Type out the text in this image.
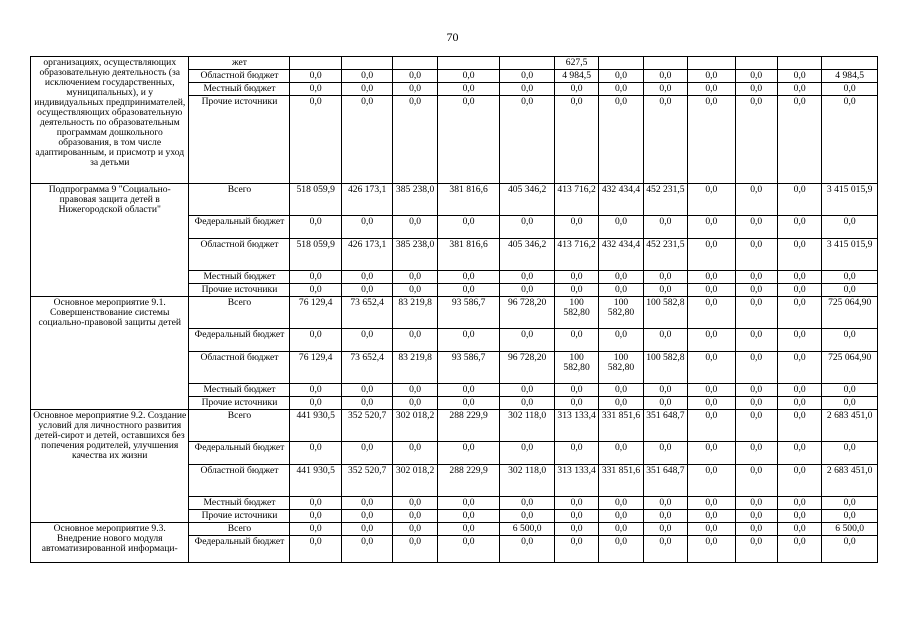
70
организациях, осуществляющих образовательную деятельность (за исключением государственных, муниципальных), и у индивидуальных предпринимателей, осуществляющих образовательную деятельность по образовательным программам дошкольного образования, в том числе адаптированным, и присмотр и уход за детьми	жет						627,5						
	Областной бюджет	0,0	0,0	0,0	0,0	0,0	4 984,5	0,0	0,0	0,0	0,0	0,0	4 984,5
	Местный бюджет	0,0	0,0	0,0	0,0	0,0	0,0	0,0	0,0	0,0	0,0	0,0	0,0
	Прочие источники	0,0	0,0	0,0	0,0	0,0	0,0	0,0	0,0	0,0	0,0	0,0	0,0
Подпрограмма 9 "Социально-правовая защита детей в Нижегородской области"	Всего	518 059,9	426 173,1	385 238,0	381 816,6	405 346,2	413 716,2	432 434,4	452 231,5	0,0	0,0	0,0	3 415 015,9
	Федеральный бюджет	0,0	0,0	0,0	0,0	0,0	0,0	0,0	0,0	0,0	0,0	0,0	0,0
	Областной бюджет	518 059,9	426 173,1	385 238,0	381 816,6	405 346,2	413 716,2	432 434,4	452 231,5	0,0	0,0	0,0	3 415 015,9
	Местный бюджет	0,0	0,0	0,0	0,0	0,0	0,0	0,0	0,0	0,0	0,0	0,0	0,0
	Прочие источники	0,0	0,0	0,0	0,0	0,0	0,0	0,0	0,0	0,0	0,0	0,0	0,0
Основное мероприятие 9.1. Совершенствование системы социально-правовой защиты детей	Всего	76 129,4	73 652,4	83 219,8	93 586,7	96 728,20	100 582,80	100 582,80	100 582,8	0,0	0,0	0,0	725 064,90
	Федеральный бюджет	0,0	0,0	0,0	0,0	0,0	0,0	0,0	0,0	0,0	0,0	0,0	0,0
	Областной бюджет	76 129,4	73 652,4	83 219,8	93 586,7	96 728,20	100 582,80	100 582,80	100 582,8	0,0	0,0	0,0	725 064,90
	Местный бюджет	0,0	0,0	0,0	0,0	0,0	0,0	0,0	0,0	0,0	0,0	0,0	0,0
	Прочие источники	0,0	0,0	0,0	0,0	0,0	0,0	0,0	0,0	0,0	0,0	0,0	0,0
Основное мероприятие 9.2. Создание условий для личностного развития детей-сирот и детей, оставшихся без попечения родителей, улучшения качества их жизни	Всего	441 930,5	352 520,7	302 018,2	288 229,9	302 118,0	313 133,4	331 851,6	351 648,7	0,0	0,0	0,0	2 683 451,0
	Федеральный бюджет	0,0	0,0	0,0	0,0	0,0	0,0	0,0	0,0	0,0	0,0	0,0	0,0
	Областной бюджет	441 930,5	352 520,7	302 018,2	288 229,9	302 118,0	313 133,4	331 851,6	351 648,7	0,0	0,0	0,0	2 683 451,0
	Местный бюджет	0,0	0,0	0,0	0,0	0,0	0,0	0,0	0,0	0,0	0,0	0,0	0,0
	Прочие источники	0,0	0,0	0,0	0,0	0,0	0,0	0,0	0,0	0,0	0,0	0,0	0,0
Основное мероприятие 9.3. Внедрение нового модуля автоматизированной информаци-	Всего	0,0	0,0	0,0	0,0	6 500,0	0,0	0,0	0,0	0,0	0,0	0,0	6 500,0
	Федеральный бюджет	0,0	0,0	0,0	0,0	0,0	0,0	0,0	0,0	0,0	0,0	0,0	0,0
